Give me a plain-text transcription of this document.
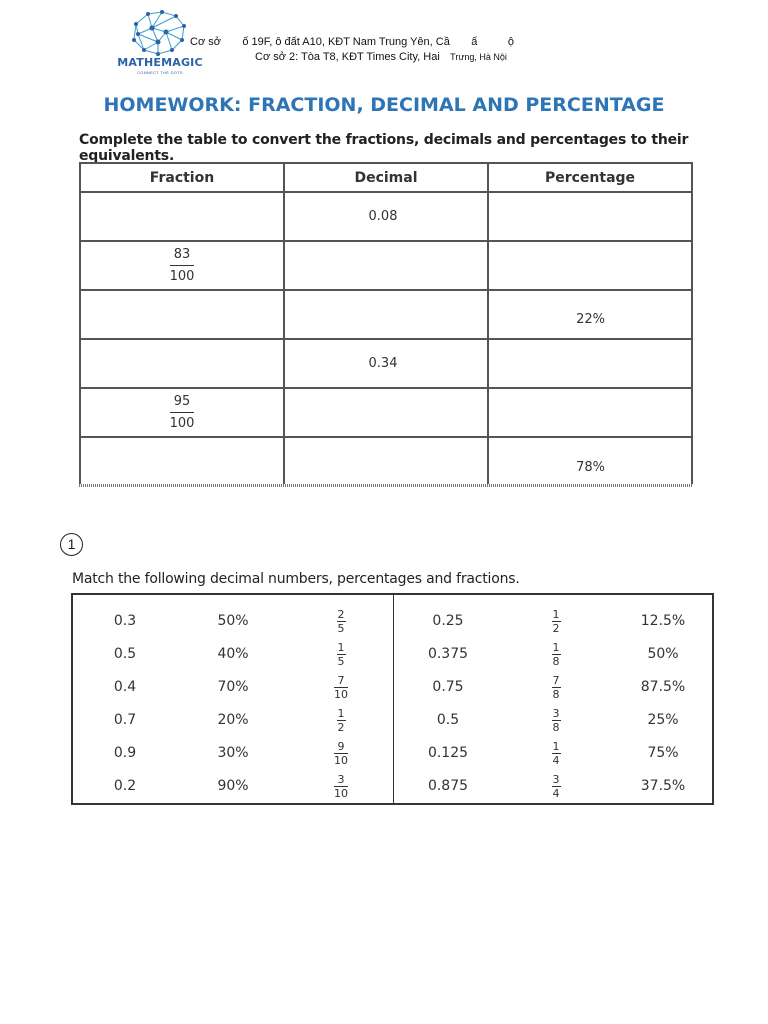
MATHEMAGIC
CONNECT THE DOTS
Cơ sở       ố 19F, ô đất A10, KĐT Nam Trung Yên, Cầ       ấ          ộ
Cơ sở 2: Tòa T8, KĐT Times City, Hai    Trưng, Hà Nội
HOMEWORK: FRACTION, DECIMAL AND PERCENTAGE
Complete the table to convert the fractions, decimals and percentages to their equivalents.
Fraction	Decimal	Percentage
	0.08	

$\frac{83}{100}$

		22%
	0.34	

$\frac{95}{100}$

		78%
1
Match the following decimal numbers, percentages and fractions.
0.3	50%	$\frac{2}{5}$	0.25	$\frac{1}{2}$	12.5%
0.5	40%	$\frac{1}{5}$	0.375	$\frac{1}{8}$	50%
0.4	70%	$\frac{7}{10}$	0.75	$\frac{7}{8}$	87.5%
0.7	20%	$\frac{1}{2}$	0.5	$\frac{3}{8}$	25%
0.9	30%	$\frac{9}{10}$	0.125	$\frac{1}{4}$	75%
0.2	90%	$\frac{3}{10}$	0.875	$\frac{3}{4}$	37.5%
